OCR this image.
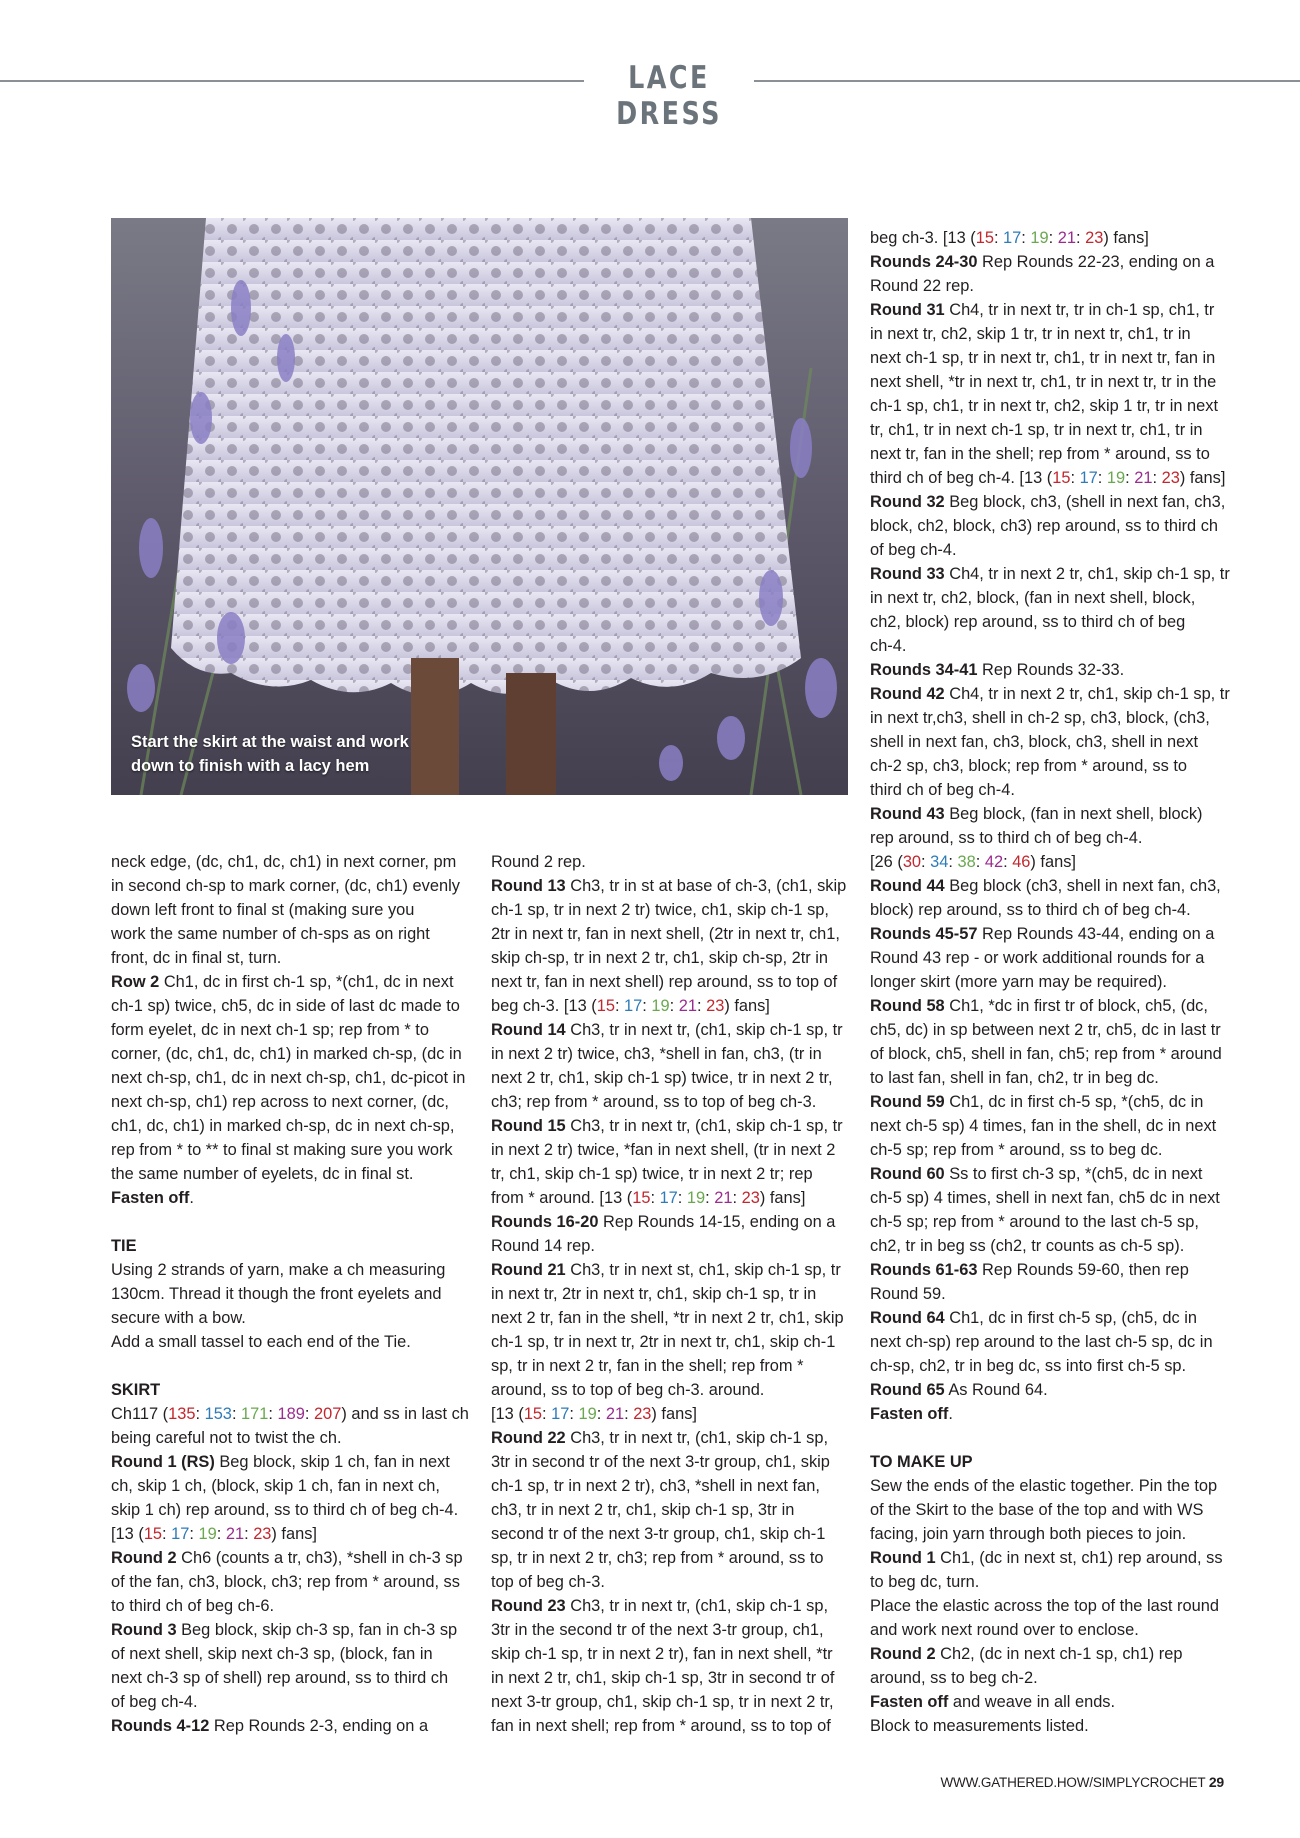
LACE DRESS
Start the skirt at the waist and work down to finish with a lacy hem

neck edge, (dc, ch1, dc, ch1) in next corner, pm

in second ch-sp to mark corner, (dc, ch1) evenly

down left front to final st (making sure you

work the same number of ch-sps as on right

front, dc in final st, turn.

Row 2 Ch1, dc in first ch-1 sp, *(ch1, dc in next

ch-1 sp) twice, ch5, dc in side of last dc made to

form eyelet, dc in next ch-1 sp; rep from * to

corner, (dc, ch1, dc, ch1) in marked ch-sp, (dc in

next ch-sp, ch1, dc in next ch-sp, ch1, dc-picot in

next ch-sp, ch1) rep across to next corner, (dc,

ch1, dc, ch1) in marked ch-sp, dc in next ch-sp,

rep from * to ** to final st making sure you work

the same number of eyelets, dc in final st.

Fasten off.

TIE

Using 2 strands of yarn, make a ch measuring

130cm. Thread it though the front eyelets and

secure with a bow.

Add a small tassel to each end of the Tie.

SKIRT

Ch117 (135: 153: 171: 189: 207) and ss in last ch

being careful not to twist the ch.

Round 1 (RS) Beg block, skip 1 ch, fan in next

ch, skip 1 ch, (block, skip 1 ch, fan in next ch,

skip 1 ch) rep around, ss to third ch of beg ch-4.

[13 (15: 17: 19: 21: 23) fans]

Round 2 Ch6 (counts a tr, ch3), *shell in ch-3 sp

of the fan, ch3, block, ch3; rep from * around, ss

to third ch of beg ch-6.

Round 3 Beg block, skip ch-3 sp, fan in ch-3 sp

of next shell, skip next ch-3 sp, (block, fan in

next ch-3 sp of shell) rep around, ss to third ch

of beg ch-4.

Rounds 4-12 Rep Rounds 2-3, ending on a

Round 2 rep.

Round 13 Ch3, tr in st at base of ch-3, (ch1, skip

ch-1 sp, tr in next 2 tr) twice, ch1, skip ch-1 sp,

2tr in next tr, fan in next shell, (2tr in next tr, ch1,

skip ch-sp, tr in next 2 tr, ch1, skip ch-sp, 2tr in

next tr, fan in next shell) rep around, ss to top of

beg ch-3. [13 (15: 17: 19: 21: 23) fans]

Round 14 Ch3, tr in next tr, (ch1, skip ch-1 sp, tr

in next 2 tr) twice, ch3, *shell in fan, ch3, (tr in

next 2 tr, ch1, skip ch-1 sp) twice, tr in next 2 tr,

ch3; rep from * around, ss to top of beg ch-3.

Round 15 Ch3, tr in next tr, (ch1, skip ch-1 sp, tr

in next 2 tr) twice, *fan in next shell, (tr in next 2

tr, ch1, skip ch-1 sp) twice, tr in next 2 tr; rep

from * around. [13 (15: 17: 19: 21: 23) fans]

Rounds 16-20 Rep Rounds 14-15, ending on a

Round 14 rep.

Round 21 Ch3, tr in next st, ch1, skip ch-1 sp, tr

in next tr, 2tr in next tr, ch1, skip ch-1 sp, tr in

next 2 tr, fan in the shell, *tr in next 2 tr, ch1, skip

ch-1 sp, tr in next tr, 2tr in next tr, ch1, skip ch-1

sp, tr in next 2 tr, fan in the shell; rep from *

around, ss to top of beg ch-3. around.

[13 (15: 17: 19: 21: 23) fans]

Round 22 Ch3, tr in next tr, (ch1, skip ch-1 sp,

3tr in second tr of the next 3-tr group, ch1, skip

ch-1 sp, tr in next 2 tr), ch3, *shell in next fan,

ch3, tr in next 2 tr, ch1, skip ch-1 sp, 3tr in

second tr of the next 3-tr group, ch1, skip ch-1

sp, tr in next 2 tr, ch3; rep from * around, ss to

top of beg ch-3.

Round 23 Ch3, tr in next tr, (ch1, skip ch-1 sp,

3tr in the second tr of the next 3-tr group, ch1,

skip ch-1 sp, tr in next 2 tr), fan in next shell, *tr

in next 2 tr, ch1, skip ch-1 sp, 3tr in second tr of

next 3-tr group, ch1, skip ch-1 sp, tr in next 2 tr,

fan in next shell; rep from * around, ss to top of

beg ch-3. [13 (15: 17: 19: 21: 23) fans]

Rounds 24-30 Rep Rounds 22-23, ending on a

Round 22 rep.

Round 31 Ch4, tr in next tr, tr in ch-1 sp, ch1, tr

in next tr, ch2, skip 1 tr, tr in next tr, ch1, tr in

next ch-1 sp, tr in next tr, ch1, tr in next tr, fan in

next shell, *tr in next tr, ch1, tr in next tr, tr in the

ch-1 sp, ch1, tr in next tr, ch2, skip 1 tr, tr in next

tr, ch1, tr in next ch-1 sp, tr in next tr, ch1, tr in

next tr, fan in the shell; rep from * around, ss to

third ch of beg ch-4. [13 (15: 17: 19: 21: 23) fans]

Round 32 Beg block, ch3, (shell in next fan, ch3,

block, ch2, block, ch3) rep around, ss to third ch

of beg ch-4.

Round 33 Ch4, tr in next 2 tr, ch1, skip ch-1 sp, tr

in next tr, ch2, block, (fan in next shell, block,

ch2, block) rep around, ss to third ch of beg

ch-4.

Rounds 34-41 Rep Rounds 32-33.

Round 42 Ch4, tr in next 2 tr, ch1, skip ch-1 sp, tr

in next tr,ch3, shell in ch-2 sp, ch3, block, (ch3,

shell in next fan, ch3, block, ch3, shell in next

ch-2 sp, ch3, block; rep from * around, ss to

third ch of beg ch-4.

Round 43 Beg block, (fan in next shell, block)

rep around, ss to third ch of beg ch-4.

[26 (30: 34: 38: 42: 46) fans]

Round 44 Beg block (ch3, shell in next fan, ch3,

block) rep around, ss to third ch of beg ch-4.

Rounds 45-57 Rep Rounds 43-44, ending on a

Round 43 rep - or work additional rounds for a

longer skirt (more yarn may be required).

Round 58 Ch1, *dc in first tr of block, ch5, (dc,

ch5, dc) in sp between next 2 tr, ch5, dc in last tr

of block, ch5, shell in fan, ch5; rep from * around

to last fan, shell in fan, ch2, tr in beg dc.

Round 59 Ch1, dc in first ch-5 sp, *(ch5, dc in

next ch-5 sp) 4 times, fan in the shell, dc in next

ch-5 sp; rep from * around, ss to beg dc.

Round 60 Ss to first ch-3 sp, *(ch5, dc in next

ch-5 sp) 4 times, shell in next fan, ch5 dc in next

ch-5 sp; rep from * around to the last ch-5 sp,

ch2, tr in beg ss (ch2, tr counts as ch-5 sp).

Rounds 61-63 Rep Rounds 59-60, then rep

Round 59.

Round 64 Ch1, dc in first ch-5 sp, (ch5, dc in

next ch-sp) rep around to the last ch-5 sp, dc in

ch-sp, ch2, tr in beg dc, ss into first ch-5 sp.

Round 65 As Round 64.

Fasten off.

TO MAKE UP

Sew the ends of the elastic together. Pin the top

of the Skirt to the base of the top and with WS

facing, join yarn through both pieces to join.

Round 1 Ch1, (dc in next st, ch1) rep around, ss

to beg dc, turn.

Place the elastic across the top of the last round

and work next round over to enclose.

Round 2 Ch2, (dc in next ch-1 sp, ch1) rep

around, ss to beg ch-2.

Fasten off and weave in all ends.

Block to measurements listed.

WWW.GATHERED.HOW/SIMPLYCROCHET 29
